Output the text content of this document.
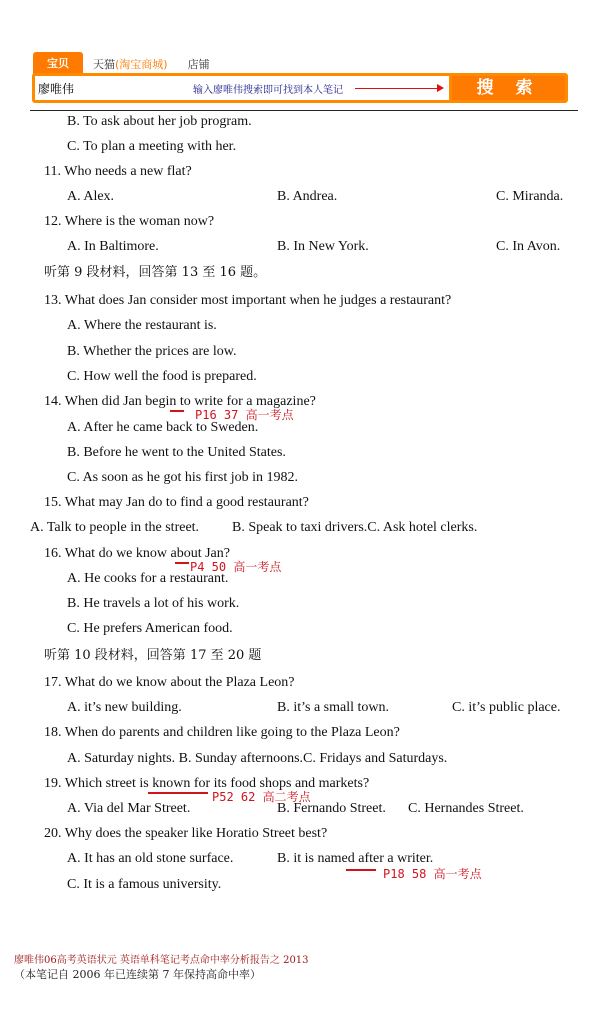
宝贝	天猫(淘宝商城)	店铺
廖唯伟	输入廖唯伟搜索即可找到本人笔记	搜 索
B. To ask about her job program.
C. To plan a meeting with her.
11. Who needs a new flat?
A. Alex.	B. Andrea.	C. Miranda.
12. Where is the woman now?
A. In Baltimore.	B. In New York.	C. In Avon.
听第 9 段材料，回答第 13 至 16 题。
13. What does Jan consider most important when he judges a restaurant?
A. Where the restaurant is.
B. Whether the prices are low.
C. How well the food is prepared.
14. When did Jan begin to write for a magazine?
P16 37 高一考点
A. After he came back to Sweden.
B. Before he went to the United States.
C. As soon as he got his first job in 1982.
15. What may Jan do to find a good restaurant?
A. Talk to people in the street. B. Speak to taxi drivers.C. Ask hotel clerks.
16. What do we know about Jan?
P4 50 高一考点
A. He cooks for a restaurant.
B. He travels a lot of his work.
C. He prefers American food.
听第 10 段材料，回答第 17 至 20 题
17. What do we know about the Plaza Leon?
A. it’s new building.	B. it’s a small town.	C. it’s public place.
18. When do parents and children like going to the Plaza Leon?
A. Saturday nights. B. Sunday afternoons.C. Fridays and Saturdays.
19. Which street is known for its food shops and markets?
P52 62 高二考点
A. Via del Mar Street.	B. Fernando Street. C. Hernandes Street.
20. Why does the speaker like Horatio Street best?
A. It has an old stone surface.	B. it is named after a writer.
P18 58 高一考点
C. It is a famous university.
廖唯伟06高考英语状元 英语单科笔记考点命中率分析报告之 2013
（本笔记自 2006 年已连续第 7 年保持高命中率）
